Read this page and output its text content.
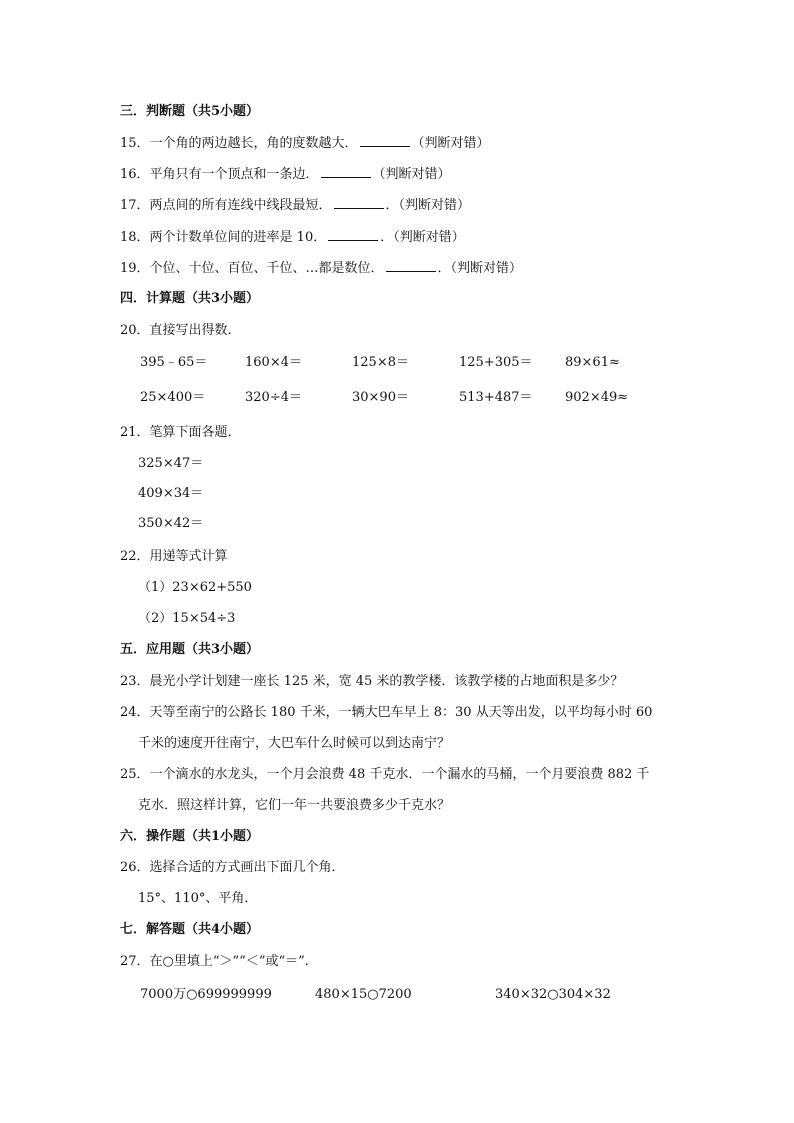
三．判断题（共5小题）
15．一个角的两边越长，角的度数越大．	（判断对错）
16．平角只有一个顶点和一条边．	（判断对错）
17．两点间的所有连线中线段最短．	．（判断对错）
18．两个计数单位间的进率是 10．	．（判断对错）
19．个位、十位、百位、千位、…都是数位．	．（判断对错）
四．计算题（共3小题）
20．直接写出得数．
395﹣65＝	160×4＝	125×8＝	125+305＝ 89×61≈
25×400＝	320÷4＝	30×90＝	513+487＝ 902×49≈
21．笔算下面各题．
325×47＝
409×34＝
350×42＝
22．用递等式计算
（1）23×62+550
（2）15×54÷3
五．应用题（共3小题）
23．晨光小学计划建一座长 125 米，宽 45 米的教学楼．该教学楼的占地面积是多少？
24．天等至南宁的公路长 180 千米，一辆大巴车早上 8：30 从天等出发，以平均每小时 60
千米的速度开往南宁，大巴车什么时候可以到达南宁？
25．一个滴水的水龙头，一个月会浪费 48 千克水．一个漏水的马桶，一个月要浪费 882 千
克水．照这样计算，它们一年一共要浪费多少千克水？
六．操作题（共1小题）
26．选择合适的方式画出下面几个角．
15°、110°、平角．
七．解答题（共4小题）
27．在○里填上“＞”“＜”或“＝”．
7000万○699999999	480×15○7200	340×32○304×32
